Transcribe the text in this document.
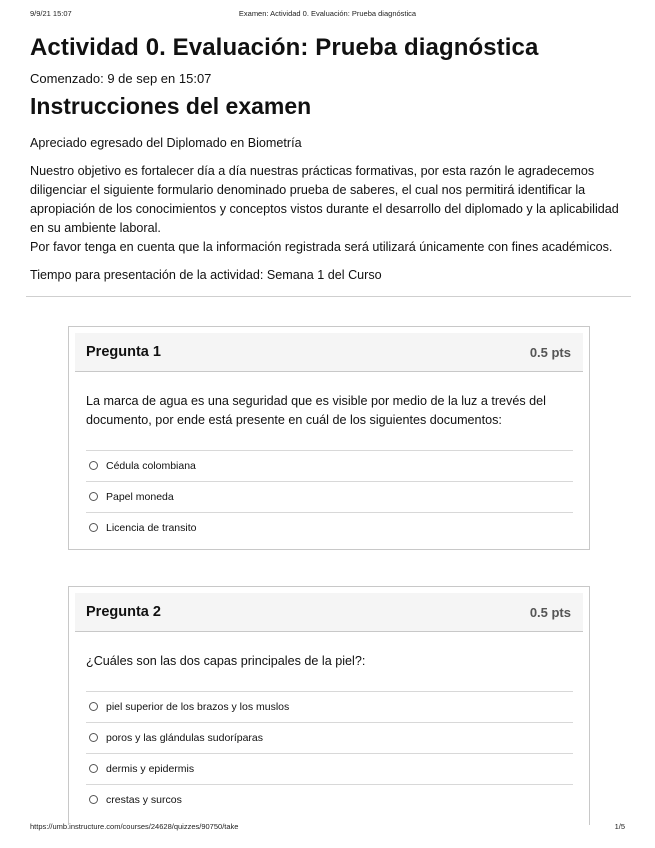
9/9/21 15:07	Examen: Actividad 0. Evaluación: Prueba diagnóstica
Actividad 0. Evaluación: Prueba diagnóstica
Comenzado: 9 de sep en 15:07
Instrucciones del examen

Apreciado egresado del Diplomado en Biometría

Nuestro objetivo es fortalecer día a día nuestras prácticas formativas, por esta razón le agradecemos diligenciar el siguiente formulario denominado prueba de saberes, el cual nos permitirá identificar la apropiación de los conocimientos y conceptos vistos durante el desarrollo del diplomado y la aplicabilidad en su ambiente laboral.

Por favor tenga en cuenta que la información registrada será utilizará únicamente con fines académicos.

Tiempo para presentación de la actividad: Semana 1 del Curso

Pregunta 1	0.5 pts
La marca de agua es una seguridad que es visible por medio de la luz a trevés del documento, por ende está presente en cuál de los siguientes documentos:
Cédula colombiana
Papel moneda
Licencia de transito
Pregunta 2	0.5 pts
¿Cuáles son las dos capas principales de la piel?:
piel superior de los brazos y los muslos
poros y las glándulas sudoríparas
dermis y epidermis
crestas y surcos
https://umb.instructure.com/courses/24628/quizzes/90750/take	1/5
